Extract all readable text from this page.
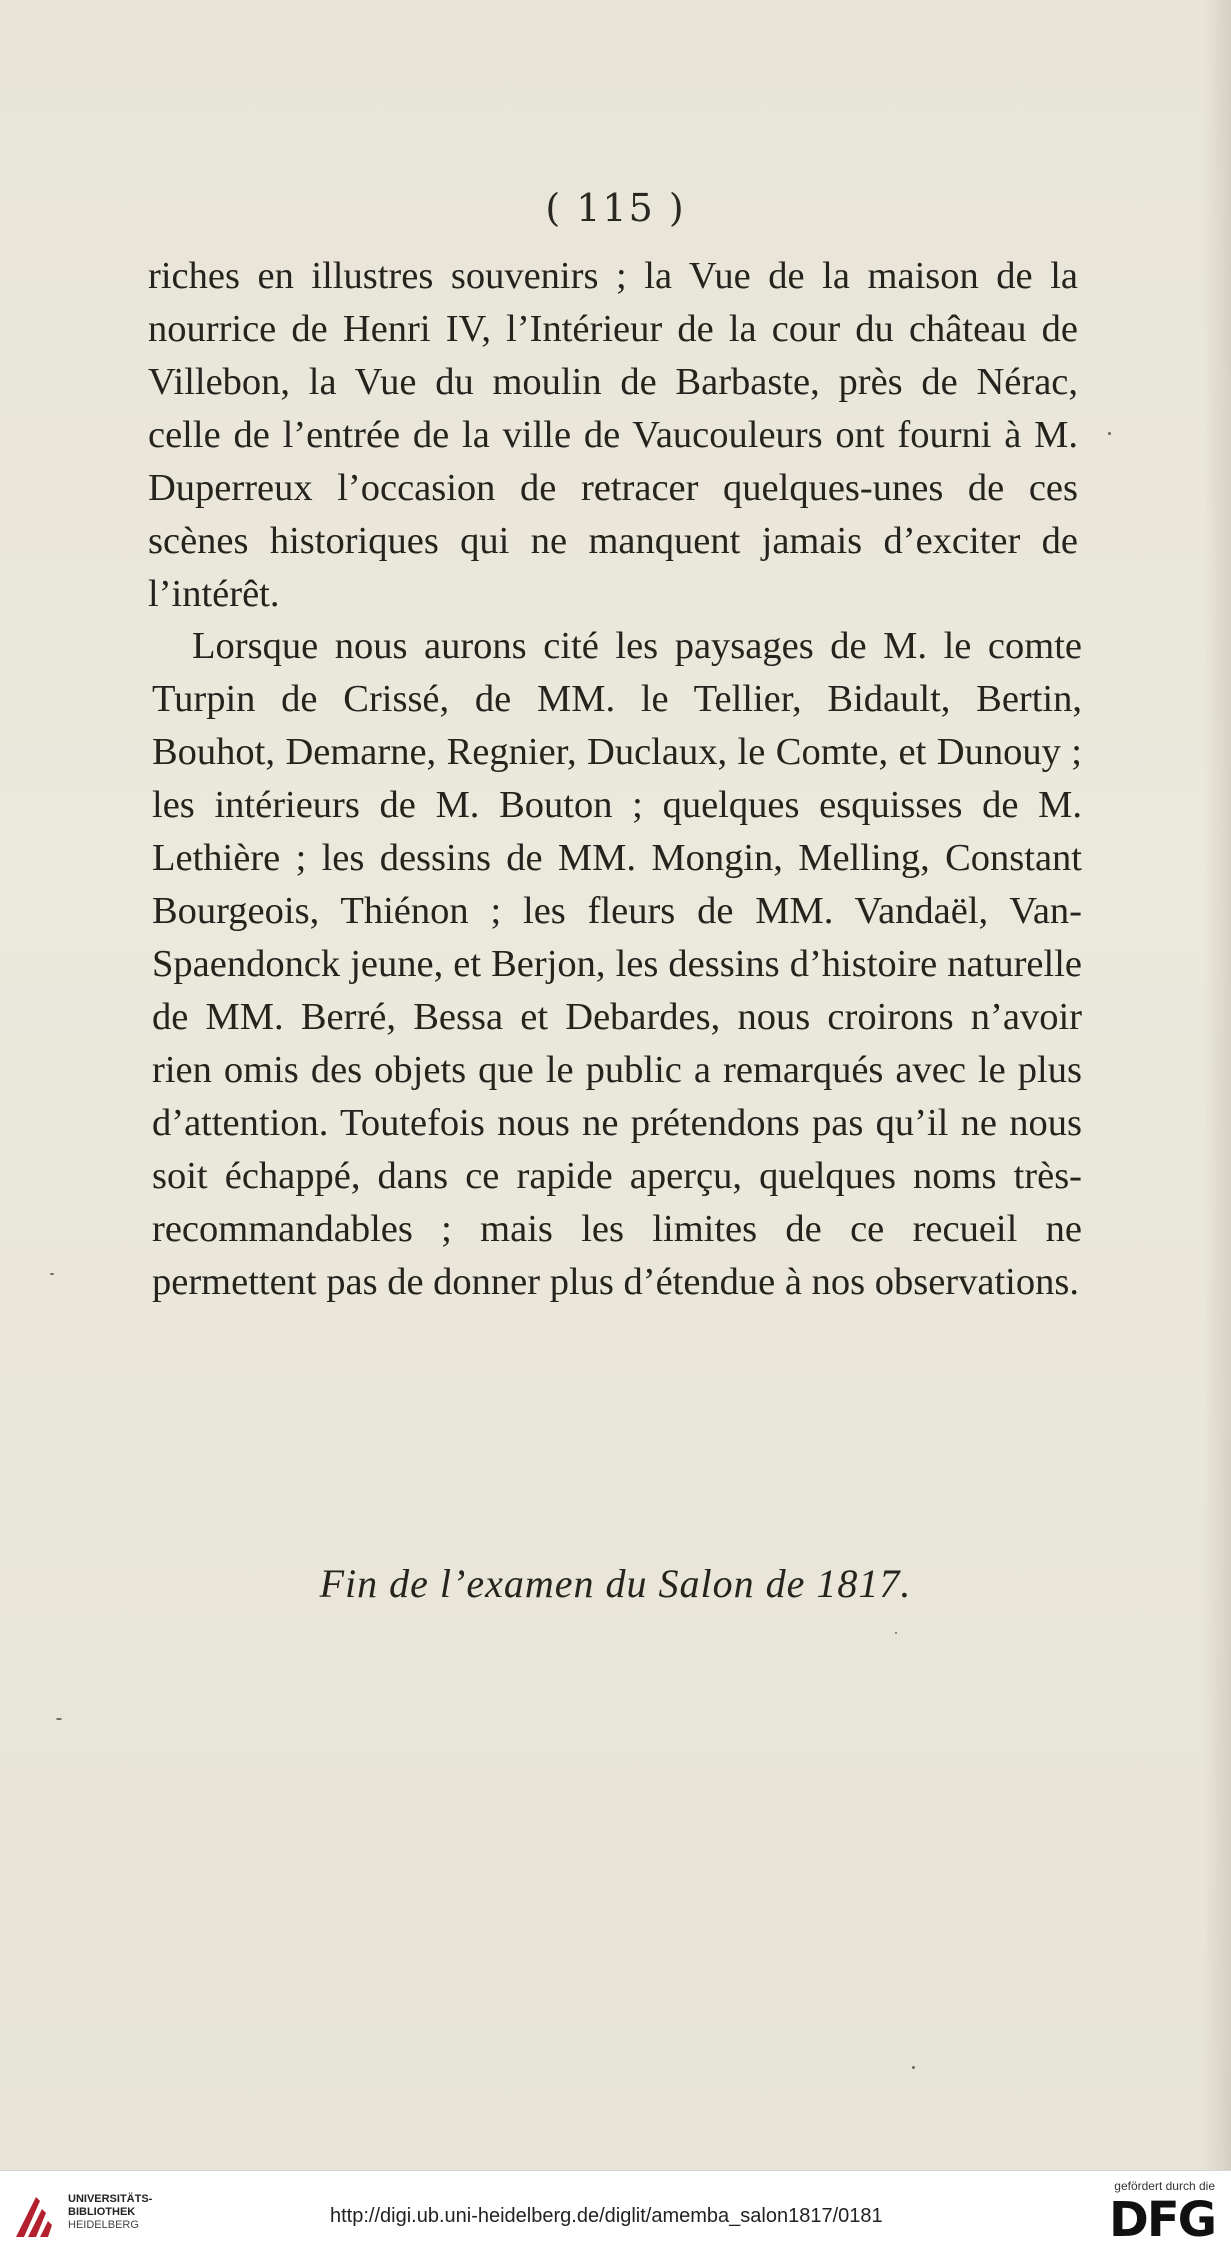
( 115 )

riches en illustres souvenirs ; la Vue de la maison de la nourrice de Henri IV, l’Intérieur de la cour du château de Villebon, la Vue du moulin de Barbaste, près de Nérac, celle de l’entrée de la ville de Vaucouleurs ont fourni à M. Duperreux l’occasion de retracer quelques-unes de ces scènes historiques qui ne manquent jamais d’exciter de l’intérêt.

Lorsque nous aurons cité les paysages de M. le comte Turpin de Crissé, de MM. le Tellier, Bidault, Bertin, Bouhot, Demarne, Regnier, Duclaux, le Comte, et Dunouy ; les intérieurs de M. Bouton ; quelques esquisses de M. Lethière ; les dessins de MM. Mongin, Melling, Constant Bourgeois, Thiénon ; les fleurs de MM. Vandaël, Van-Spaendonck jeune, et Berjon, les dessins d’histoire naturelle de MM. Berré, Bessa et Debardes, nous croirons n’avoir rien omis des objets que le public a remarqués avec le plus d’attention. Toutefois nous ne prétendons pas qu’il ne nous soit échappé, dans ce rapide aperçu, quelques noms très-recommandables ; mais les limites de ce recueil ne permettent pas de donner plus d’étendue à nos observations.

Fin de l’examen du Salon de 1817.
UNIVERSITÄTS-
BIBLIOTHEK
HEIDELBERG	http://digi.ub.uni-heidelberg.de/diglit/amemba_salon1817/0181
gefördert durch die
DFG
